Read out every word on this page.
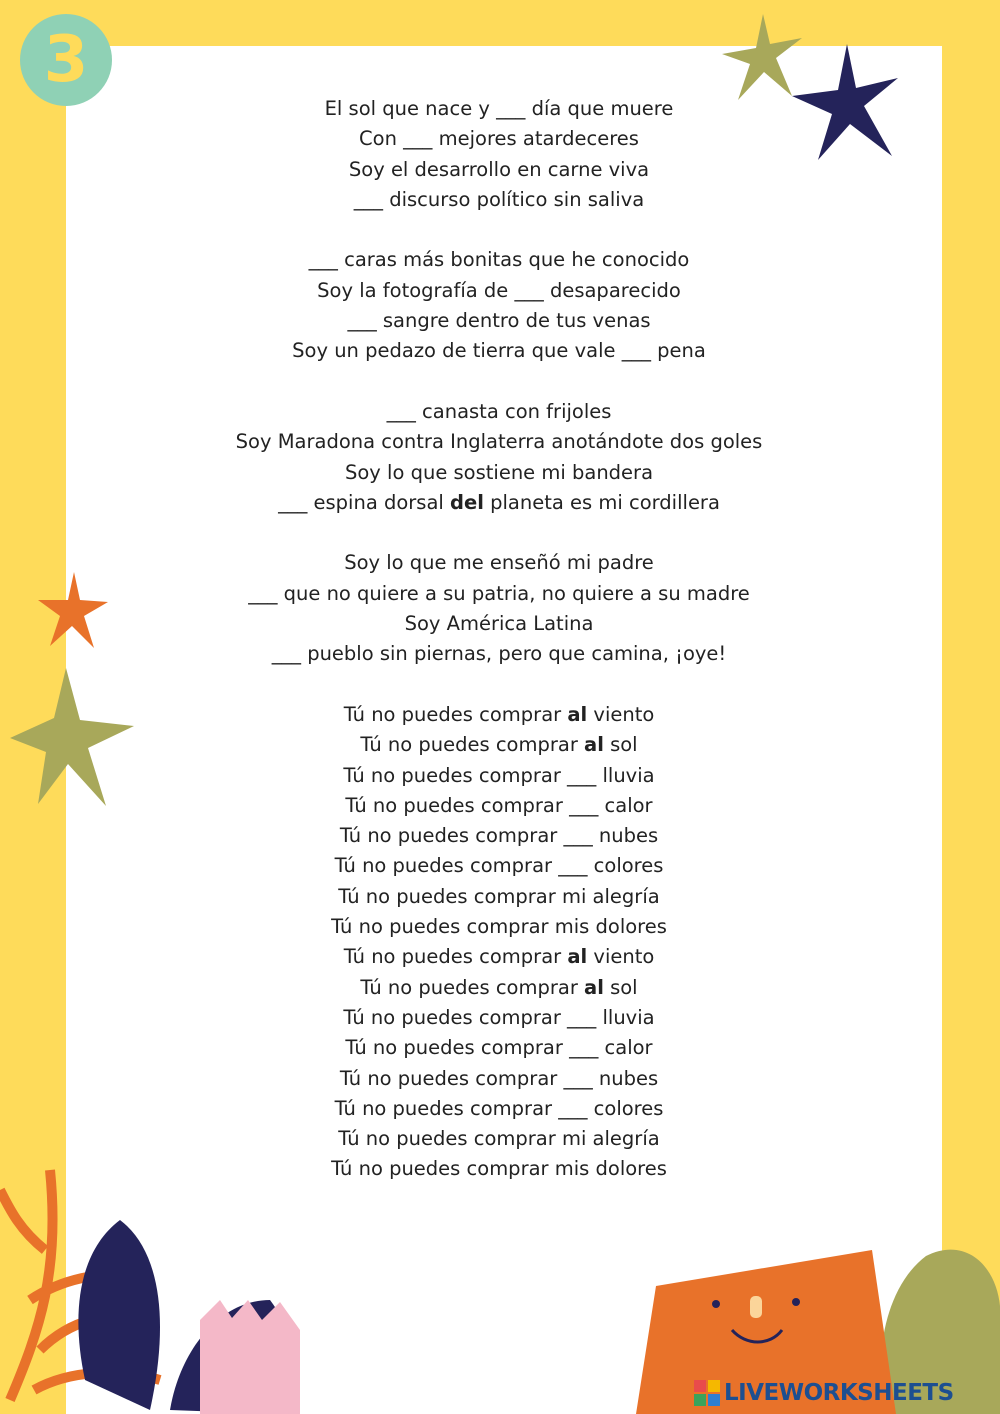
3
El sol que nace y ___ día que muere
Con ___ mejores atardeceres
Soy el desarrollo en carne viva
___ discurso político sin saliva
___ caras más bonitas que he conocido
Soy la fotografía de ___ desaparecido
___ sangre dentro de tus venas
Soy un pedazo de tierra que vale ___ pena
___ canasta con frijoles
Soy Maradona contra Inglaterra anotándote dos goles
Soy lo que sostiene mi bandera
___ espina dorsal del planeta es mi cordillera
Soy lo que me enseñó mi padre
___ que no quiere a su patria, no quiere a su madre
Soy América Latina
___ pueblo sin piernas, pero que camina, ¡oye!
Tú no puedes comprar al viento
Tú no puedes comprar al sol
Tú no puedes comprar ___ lluvia
Tú no puedes comprar ___ calor
Tú no puedes comprar ___ nubes
Tú no puedes comprar ___ colores
Tú no puedes comprar mi alegría
Tú no puedes comprar mis dolores
Tú no puedes comprar al viento
Tú no puedes comprar al sol
Tú no puedes comprar ___ lluvia
Tú no puedes comprar ___ calor
Tú no puedes comprar ___ nubes
Tú no puedes comprar ___ colores
Tú no puedes comprar mi alegría
Tú no puedes comprar mis dolores
LIVEWORKSHEETS
